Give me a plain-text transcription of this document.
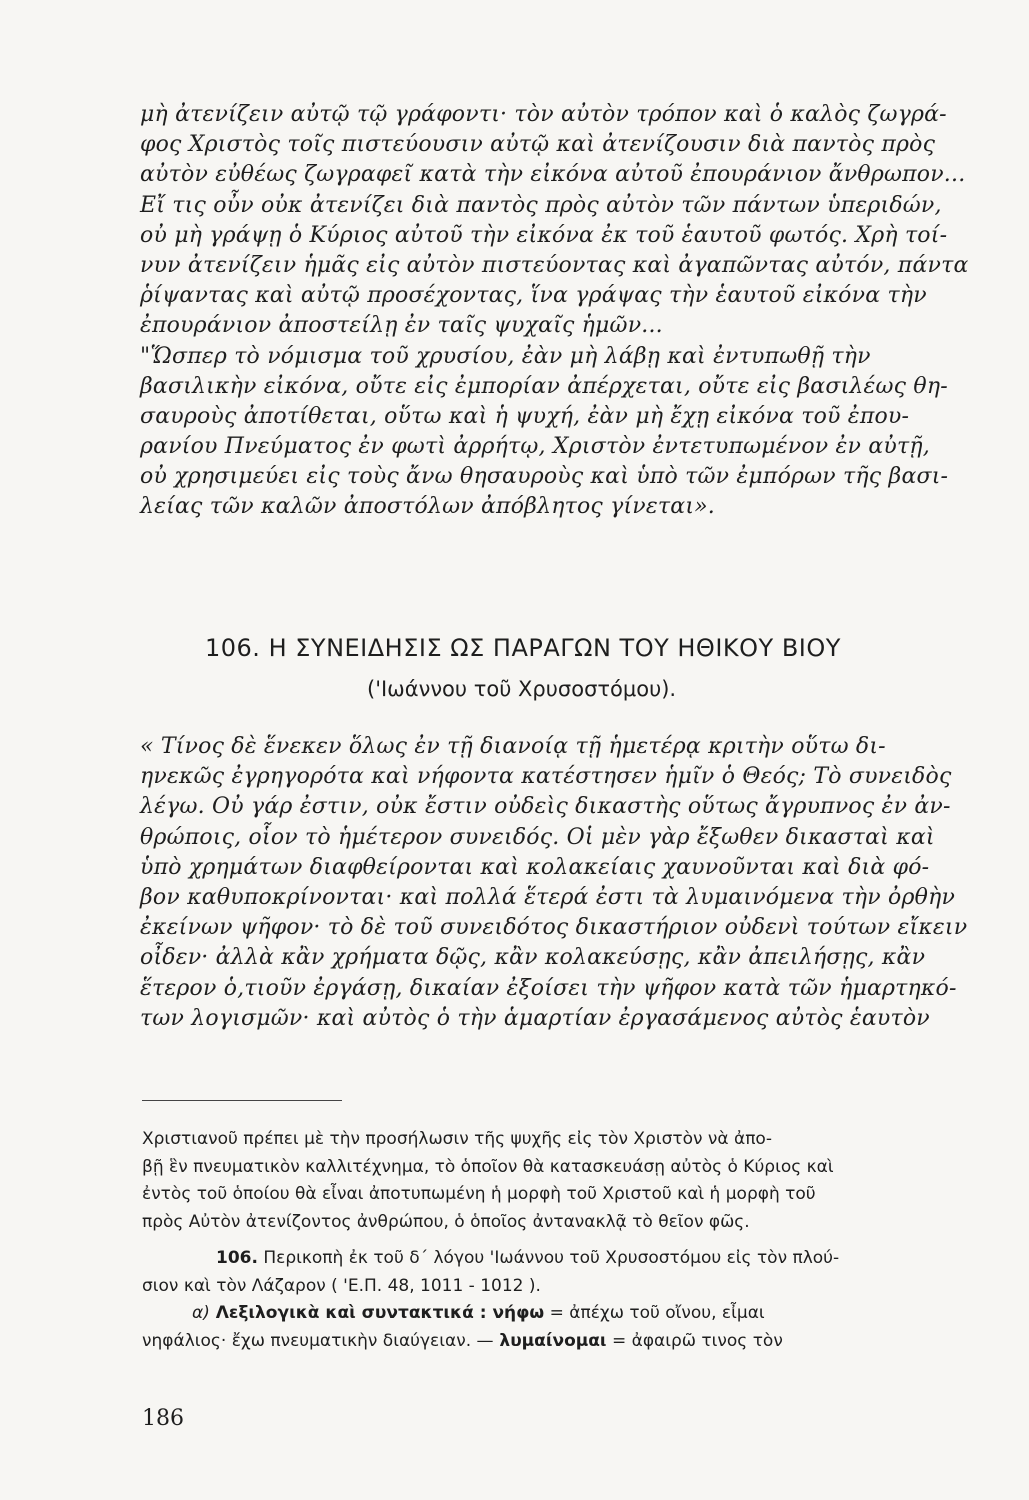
μὴ ἀτενίζειν αὐτῷ τῷ γράφοντι· τὸν αὐτὸν τρόπον καὶ ὁ καλὸς ζωγρά-
φος Χριστὸς τοῖς πιστεύουσιν αὐτῷ καὶ ἀτενίζουσιν διὰ παντὸς πρὸς
αὐτὸν εὐθέως ζωγραφεῖ κατὰ τὴν εἰκόνα αὐτοῦ ἐπουράνιον ἄνθρωπον...
Εἴ τις οὖν οὐκ ἀτενίζει διὰ παντὸς πρὸς αὐτὸν τῶν πάντων ὑπεριδών,
οὐ μὴ γράψῃ ὁ Κύριος αὐτοῦ τὴν εἰκόνα ἐκ τοῦ ἑαυτοῦ φωτός. Χρὴ τοί-
νυν ἀτενίζειν ἡμᾶς εἰς αὐτὸν πιστεύοντας καὶ ἀγαπῶντας αὐτόν, πάντα
ῥίψαντας καὶ αὐτῷ προσέχοντας, ἵνα γράψας τὴν ἑαυτοῦ εἰκόνα τὴν
ἐπουράνιον ἀποστείλῃ ἐν ταῖς ψυχαῖς ἡμῶν...
"Ὥσπερ τὸ νόμισμα τοῦ χρυσίου, ἐὰν μὴ λάβῃ καὶ ἐντυπωθῇ τὴν
βασιλικὴν εἰκόνα, οὔτε εἰς ἐμπορίαν ἀπέρχεται, οὔτε εἰς βασιλέως θη-
σαυροὺς ἀποτίθεται, οὕτω καὶ ἡ ψυχή, ἐὰν μὴ ἔχῃ εἰκόνα τοῦ ἐπου-
ρανίου Πνεύματος ἐν φωτὶ ἀρρήτῳ, Χριστὸν ἐντετυπωμένον ἐν αὐτῇ,
οὐ χρησιμεύει εἰς τοὺς ἄνω θησαυροὺς καὶ ὑπὸ τῶν ἐμπόρων τῆς βασι-
λείας τῶν καλῶν ἀποστόλων ἀπόβλητος γίνεται».
106. Η ΣΥΝΕΙΔΗΣΙΣ ΩΣ ΠΑΡΑΓΩΝ ΤΟΥ ΗΘΙΚΟΥ ΒΙΟΥ

('Ιωάννου τοῦ Χρυσοστόμου).

« Τίνος δὲ ἕνεκεν ὅλως ἐν τῇ διανοίᾳ τῇ ἡμετέρᾳ κριτὴν οὕτω δι-
ηνεκῶς ἐγρηγορότα καὶ νήφοντα κατέστησεν ἡμῖν ὁ Θεός; Τὸ συνειδὸς
λέγω. Οὐ γάρ ἐστιν, οὐκ ἔστιν οὐδεὶς δικαστὴς οὕτως ἄγρυπνος ἐν ἀν-
θρώποις, οἷον τὸ ἡμέτερον συνειδός. Οἱ μὲν γὰρ ἔξωθεν δικασταὶ καὶ
ὑπὸ χρημάτων διαφθείρονται καὶ κολακείαις χαυνοῦνται καὶ διὰ φό-
βον καθυποκρίνονται· καὶ πολλά ἕτερά ἐστι τὰ λυμαινόμενα τὴν ὀρθὴν
ἐκείνων ψῆφον· τὸ δὲ τοῦ συνειδότος δικαστήριον οὐδενὶ τούτων εἴκειν
οἶδεν· ἀλλὰ κἂν χρήματα δῷς, κἂν κολακεύσῃς, κἂν ἀπειλήσῃς, κἂν
ἕτερον ὁ,τιοῦν ἐργάσῃ, δικαίαν ἐξοίσει τὴν ψῆφον κατὰ τῶν ἡμαρτηκό-
των λογισμῶν· καὶ αὐτὸς ὁ τὴν ἁμαρτίαν ἐργασάμενος αὐτὸς ἑαυτὸν
Χριστιανοῦ πρέπει μὲ τὴν προσήλωσιν τῆς ψυχῆς εἰς τὸν Χριστὸν νὰ ἀπο-
βῇ ἓν πνευματικὸν καλλιτέχνημα, τὸ ὁποῖον θὰ κατασκευάσῃ αὐτὸς ὁ Κύριος καὶ
ἐντὸς τοῦ ὁποίου θὰ εἶναι ἀποτυπωμένη ἡ μορφὴ τοῦ Χριστοῦ καὶ ἡ μορφὴ τοῦ
πρὸς Αὐτὸν ἀτενίζοντος ἀνθρώπου, ὁ ὁποῖος ἀντανακλᾷ τὸ θεῖον φῶς.
106. Περικοπὴ ἐκ τοῦ δ΄ λόγου 'Ιωάννου τοῦ Χρυσοστόμου εἰς τὸν πλού-
σιον καὶ τὸν Λάζαρον ( 'Ε.Π. 48, 1011 - 1012 ).
α) Λεξιλογικὰ καὶ συντακτικά : νήφω = ἀπέχω τοῦ οἴνου, εἶμαι
νηφάλιος· ἔχω πνευματικὴν διαύγειαν. — λυμαίνομαι = ἀφαιρῶ τινος τὸν

186
